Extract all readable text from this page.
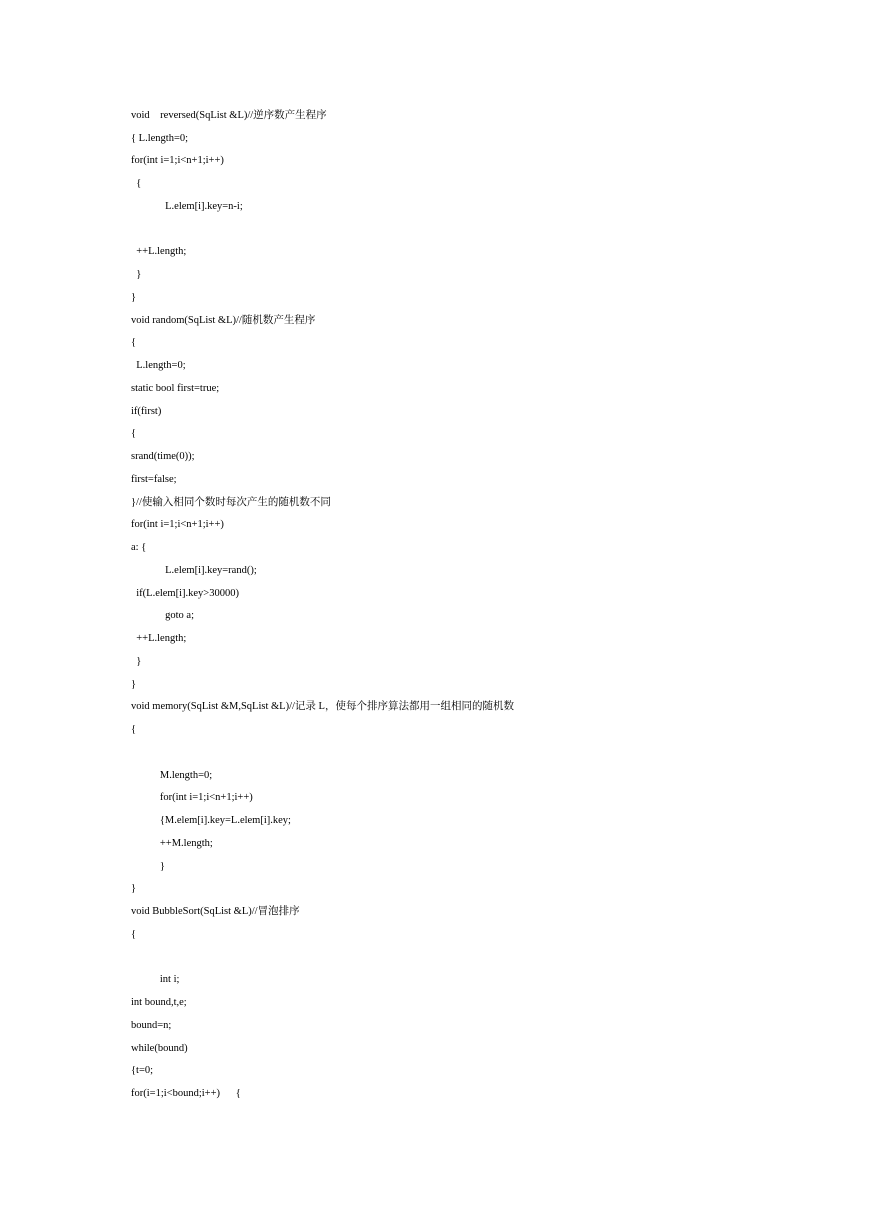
void    reversed(SqList &L)//逆序数产生程序
{ L.length=0;
for(int i=1;i<n+1;i++)
{
L.elem[i].key=n-i;
++L.length;
}
}
void random(SqList &L)//随机数产生程序
{
L.length=0;
static bool first=true;
if(first)
{
srand(time(0));
first=false;
}//使输入相同个数时每次产生的随机数不同
for(int i=1;i<n+1;i++)
a: {
L.elem[i].key=rand();
if(L.elem[i].key>30000)
goto a;
++L.length;
}
}
void memory(SqList &M,SqList &L)//记录 L，使每个排序算法都用一组相同的随机数
{
M.length=0;
for(int i=1;i<n+1;i++)
{M.elem[i].key=L.elem[i].key;
++M.length;
}
}
void BubbleSort(SqList &L)//冒泡排序
{
int i;
int bound,t,e;
bound=n;
while(bound)
{t=0;
for(i=1;i<bound;i++)      {
